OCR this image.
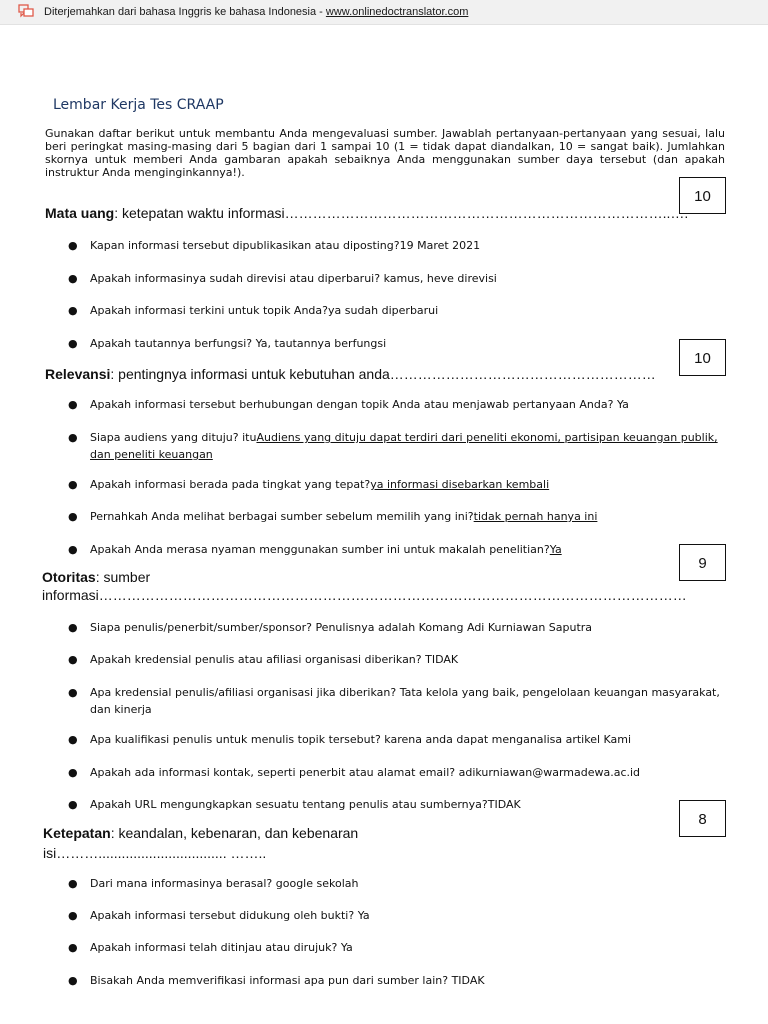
Diterjemahkan dari bahasa Inggris ke bahasa Indonesia - www.onlinedoctranslator.com
Lembar Kerja Tes CRAAP
Gunakan daftar berikut untuk membantu Anda mengevaluasi sumber. Jawablah pertanyaan-pertanyaan yang sesuai, lalu beri peringkat masing-masing dari 5 bagian dari 1 sampai 10 (1 = tidak dapat diandalkan, 10 = sangat baik). Jumlahkan skornya untuk memberi Anda gambaran apakah sebaiknya Anda menggunakan sumber daya tersebut (dan apakah instruktur Anda menginginkannya!).
10
Mata uang: ketepatan waktu informasi………………………………………………………………………..….
● Kapan informasi tersebut dipublikasikan atau diposting?19 Maret 2021
● Apakah informasinya sudah direvisi atau diperbarui? kamus, heve direvisi
● Apakah informasi terkini untuk topik Anda?ya sudah diperbarui
● Apakah tautannya berfungsi? Ya, tautannya berfungsi
10
Relevansi: pentingnya informasi untuk kebutuhan anda…………………………………………………
● Apakah informasi tersebut berhubungan dengan topik Anda atau menjawab pertanyaan Anda? Ya
● Siapa audiens yang dituju? ituAudiens yang dituju dapat terdiri dari peneliti ekonomi, partisipan keuangan publik, dan peneliti keuangan
● Apakah informasi berada pada tingkat yang tepat?ya informasi disebarkan kembali
● Pernahkah Anda melihat berbagai sumber sebelum memilih yang ini?tidak pernah hanya ini
● Apakah Anda merasa nyaman menggunakan sumber ini untuk makalah penelitian?Ya
9
Otoritas: sumber
informasi………………………………………………………………………………………………………………
● Siapa penulis/penerbit/sumber/sponsor? Penulisnya adalah Komang Adi Kurniawan Saputra
● Apakah kredensial penulis atau afiliasi organisasi diberikan? TIDAK
● Apa kredensial penulis/afiliasi organisasi jika diberikan? Tata kelola yang baik, pengelolaan keuangan masyarakat, dan kinerja
● Apa kualifikasi penulis untuk menulis topik tersebut? karena anda dapat menganalisa artikel Kami
● Apakah ada informasi kontak, seperti penerbit atau alamat email? adikurniawan@warmadewa.ac.id
● Apakah URL mengungkapkan sesuatu tentang penulis atau sumbernya?TIDAK
8
Ketepatan: keandalan, kebenaran, dan kebenaran
isi………................................. ……..
● Dari mana informasinya berasal? google sekolah
● Apakah informasi tersebut didukung oleh bukti? Ya
● Apakah informasi telah ditinjau atau dirujuk? Ya
● Bisakah Anda memverifikasi informasi apa pun dari sumber lain? TIDAK
